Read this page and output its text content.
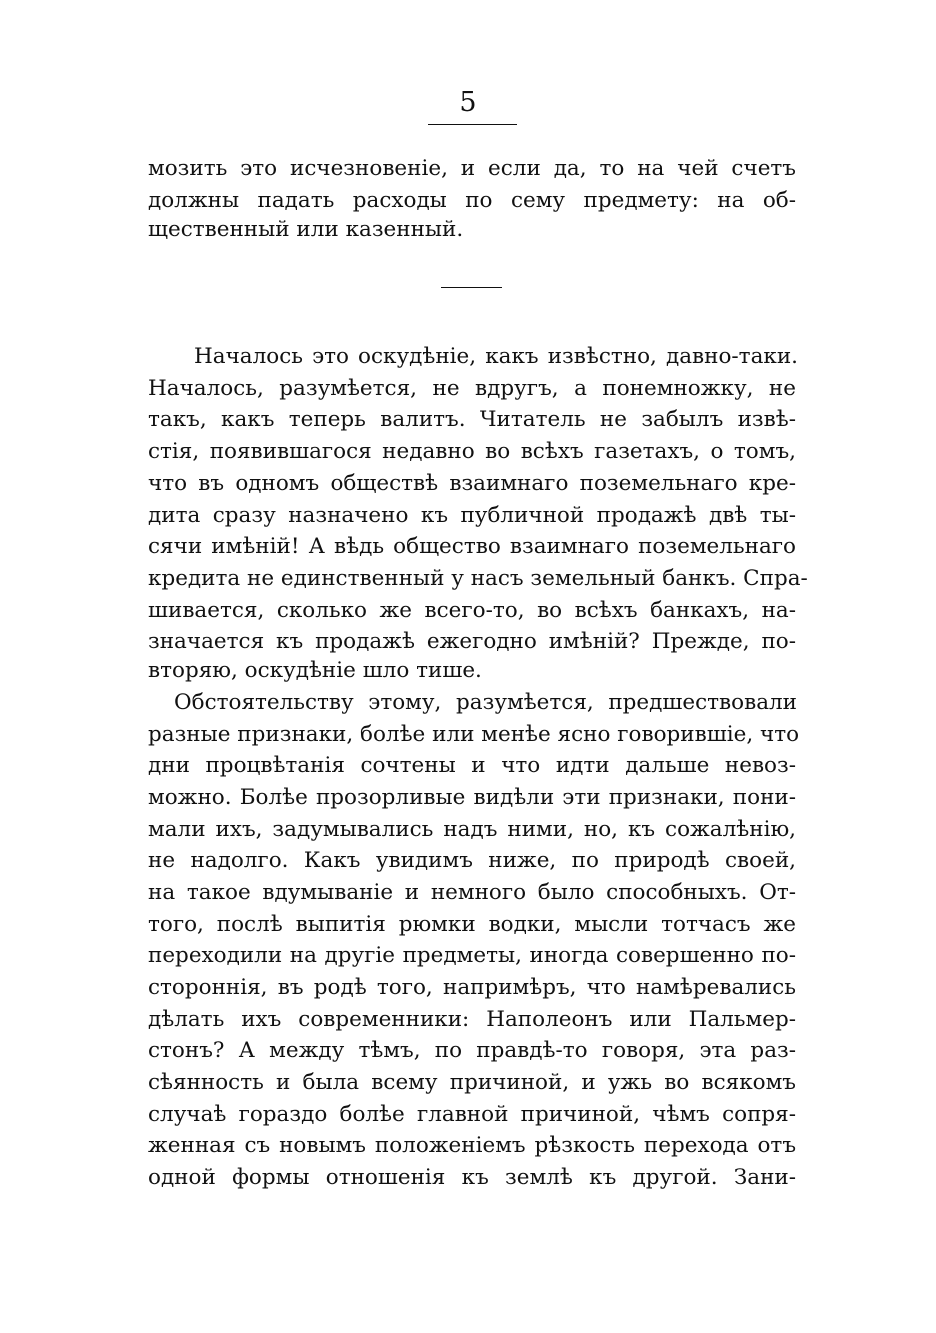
5
мозить это исчезновеніе, и если да, то на чей счетъ
должны падать расходы по сему предмету: на об-
щественный или казенный.
Началось это оскудѣніе, какъ извѣстно, давно-таки.
Началось, разумѣется, не вдругъ, а понемножку, не
такъ, какъ теперь валитъ. Читатель не забылъ извѣ-
стія, появившагося недавно во всѣхъ газетахъ, о томъ,
что въ одномъ обществѣ взаимнаго поземельнаго кре-
дита сразу назначено къ публичной продажѣ двѣ ты-
сячи имѣній! А вѣдь общество взаимнаго поземельнаго
кредита не единственный у насъ земельный банкъ. Спра-
шивается, сколько же всего-то, во всѣхъ банкахъ, на-
значается къ продажѣ ежегодно имѣній? Прежде, по-
вторяю, оскудѣніе шло тише.
Обстоятельству этому, разумѣется, предшествовали
разные признаки, болѣе или менѣе ясно говорившіе, что
дни процвѣтанія сочтены и что идти дальше невоз-
можно. Болѣе прозорливые видѣли эти признаки, пони-
мали ихъ, задумывались надъ ними, но, къ сожалѣнію,
не надолго. Какъ увидимъ ниже, по природѣ своей,
на такое вдумываніе и немного было способныхъ. От-
того, послѣ выпитія рюмки водки, мысли тотчасъ же
переходили на другіе предметы, иногда совершенно по-
стороннія, въ родѣ того, напримѣръ, что намѣревались
дѣлать ихъ современники: Наполеонъ или Пальмер-
стонъ? А между тѣмъ, по правдѣ-то говоря, эта раз-
сѣянность и была всему причиной, и ужь во всякомъ
случаѣ гораздо болѣе главной причиной, чѣмъ сопря-
женная съ новымъ положеніемъ рѣзкость перехода отъ
одной формы отношенія къ землѣ къ другой. Зани-
